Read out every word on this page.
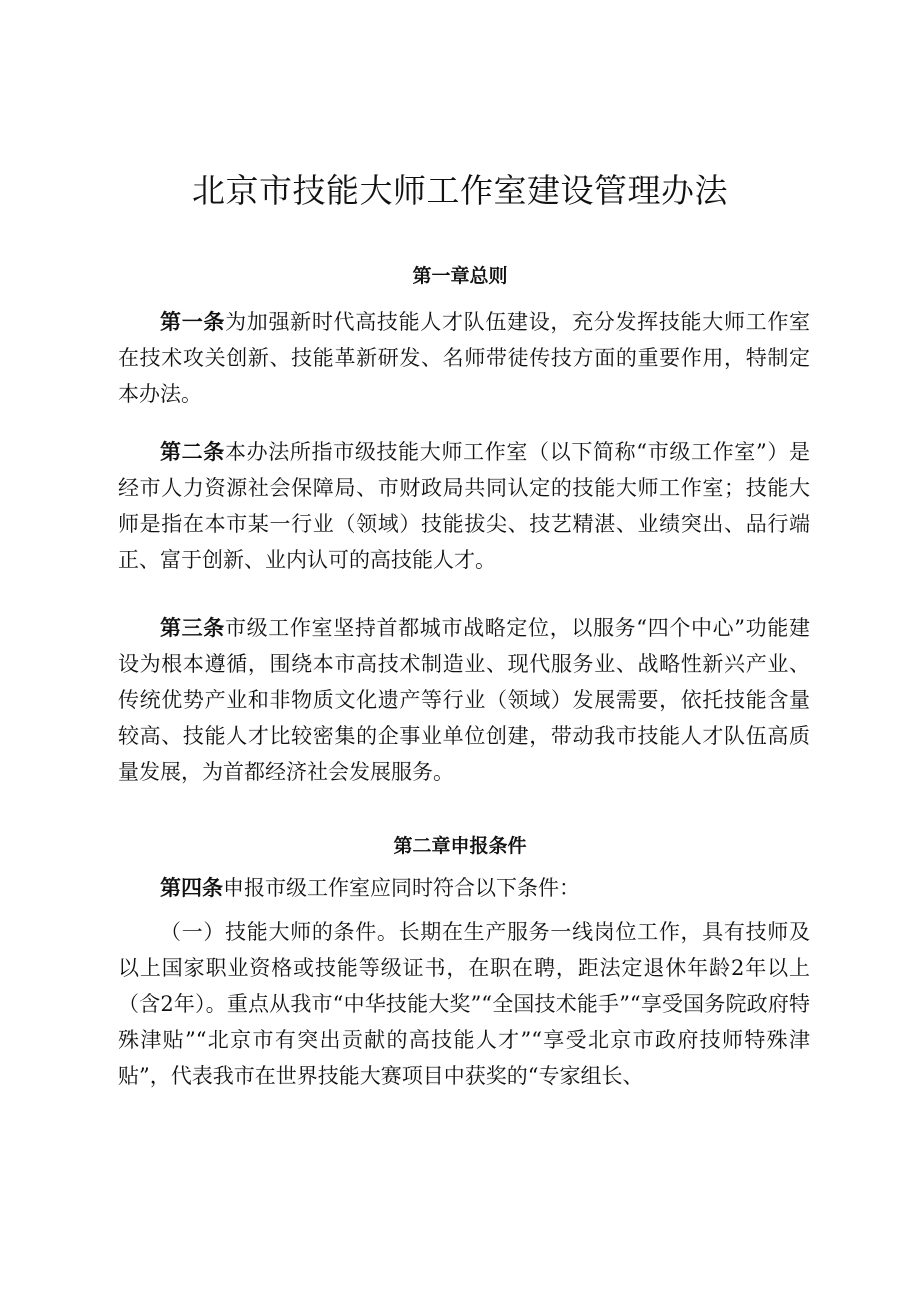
北京市技能大师工作室建设管理办法
第一章总则

第一条为加强新时代高技能人才队伍建设，充分发挥技能大师工作室在技术攻关创新、技能革新研发、名师带徒传技方面的重要作用，特制定本办法。

第二条本办法所指市级技能大师工作室（以下简称“市级工作室”）是经市人力资源社会保障局、市财政局共同认定的技能大师工作室；技能大师是指在本市某一行业（领域）技能拔尖、技艺精湛、业绩突出、品行端正、富于创新、业内认可的高技能人才。

第三条市级工作室坚持首都城市战略定位，以服务“四个中心”功能建设为根本遵循，围绕本市高技术制造业、现代服务业、战略性新兴产业、传统优势产业和非物质文化遗产等行业（领域）发展需要，依托技能含量较高、技能人才比较密集的企事业单位创建，带动我市技能人才队伍高质量发展，为首都经济社会发展服务。

第二章申报条件

第四条申报市级工作室应同时符合以下条件：

（一）技能大师的条件。长期在生产服务一线岗位工作，具有技师及以上国家职业资格或技能等级证书，在职在聘，距法定退休年龄2年以上（含2年）。重点从我市“中华技能大奖”“全国技术能手”“享受国务院政府特殊津贴”“北京市有突出贡献的高技能人才”“享受北京市政府技师特殊津贴”，代表我市在世界技能大赛项目中获奖的“专家组长、
